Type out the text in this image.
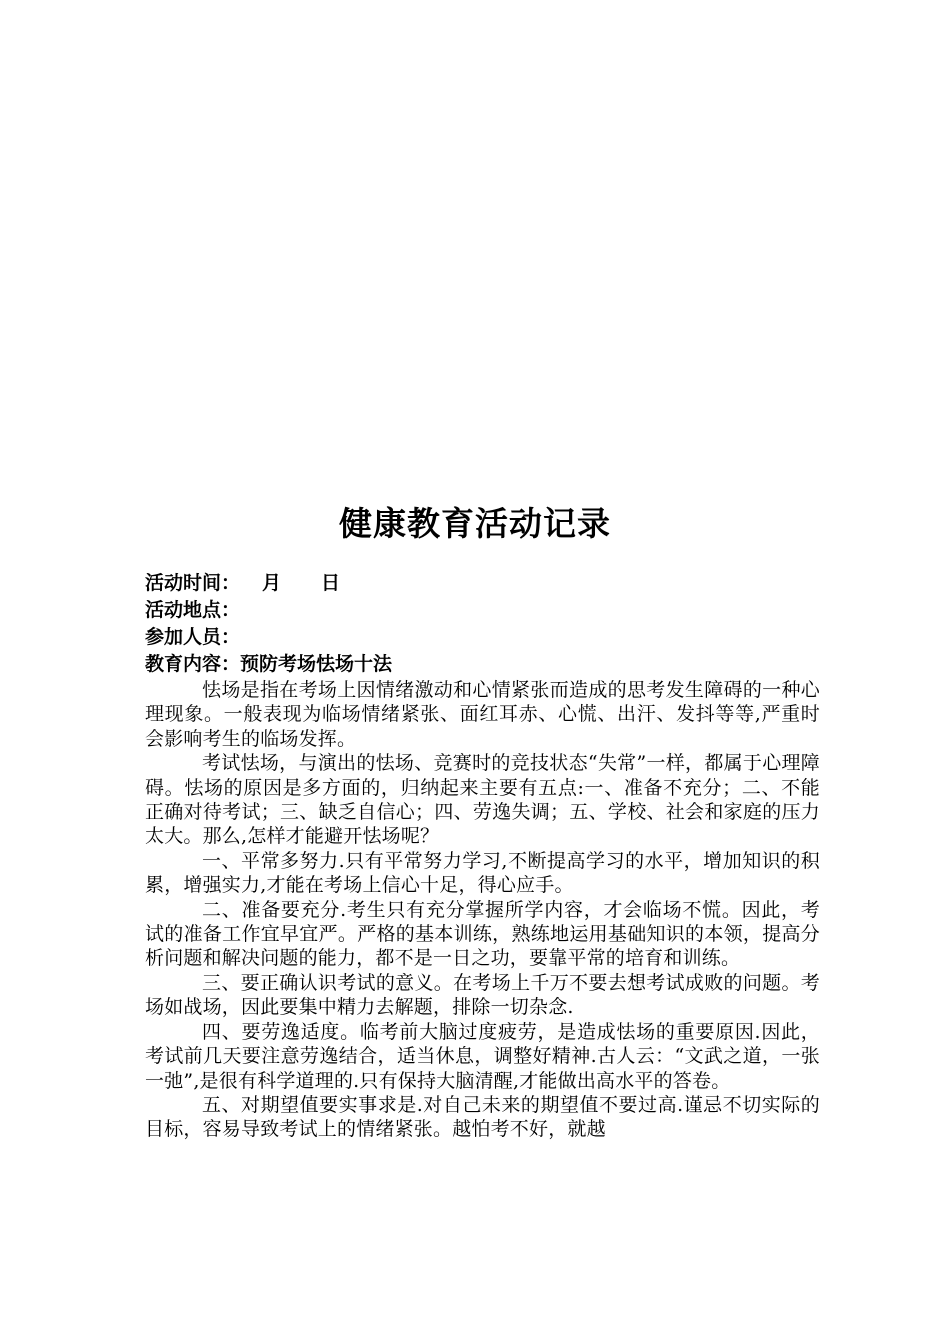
健康教育活动记录
活动时间： 月 日
活动地点：
参加人员：
教育内容：预防考场怯场十法

怯场是指在考场上因情绪激动和心情紧张而造成的思考发生障碍的一种心理现象。一般表现为临场情绪紧张、面红耳赤、心慌、出汗、发抖等等,严重时会影响考生的临场发挥。

考试怯场，与演出的怯场、竞赛时的竞技状态“失常”一样，都属于心理障碍。怯场的原因是多方面的，归纳起来主要有五点:一、准备不充分；二、不能正确对待考试；三、缺乏自信心；四、劳逸失调；五、学校、社会和家庭的压力太大。那么,怎样才能避开怯场呢？

一、平常多努力.只有平常努力学习,不断提高学习的水平，增加知识的积累，增强实力,才能在考场上信心十足，得心应手。

二、准备要充分.考生只有充分掌握所学内容，才会临场不慌。因此，考试的准备工作宜早宜严。严格的基本训练，熟练地运用基础知识的本领，提高分析问题和解决问题的能力，都不是一日之功，要靠平常的培育和训练。

三、要正确认识考试的意义。在考场上千万不要去想考试成败的问题。考场如战场，因此要集中精力去解题，排除一切杂念.

四、要劳逸适度。临考前大脑过度疲劳，是造成怯场的重要原因.因此，考试前几天要注意劳逸结合，适当休息，调整好精神.古人云：“文武之道，一张一弛”,是很有科学道理的.只有保持大脑清醒,才能做出高水平的答卷。

五、对期望值要实事求是.对自己未来的期望值不要过高.谨忌不切实际的目标，容易导致考试上的情绪紧张。越怕考不好，就越
